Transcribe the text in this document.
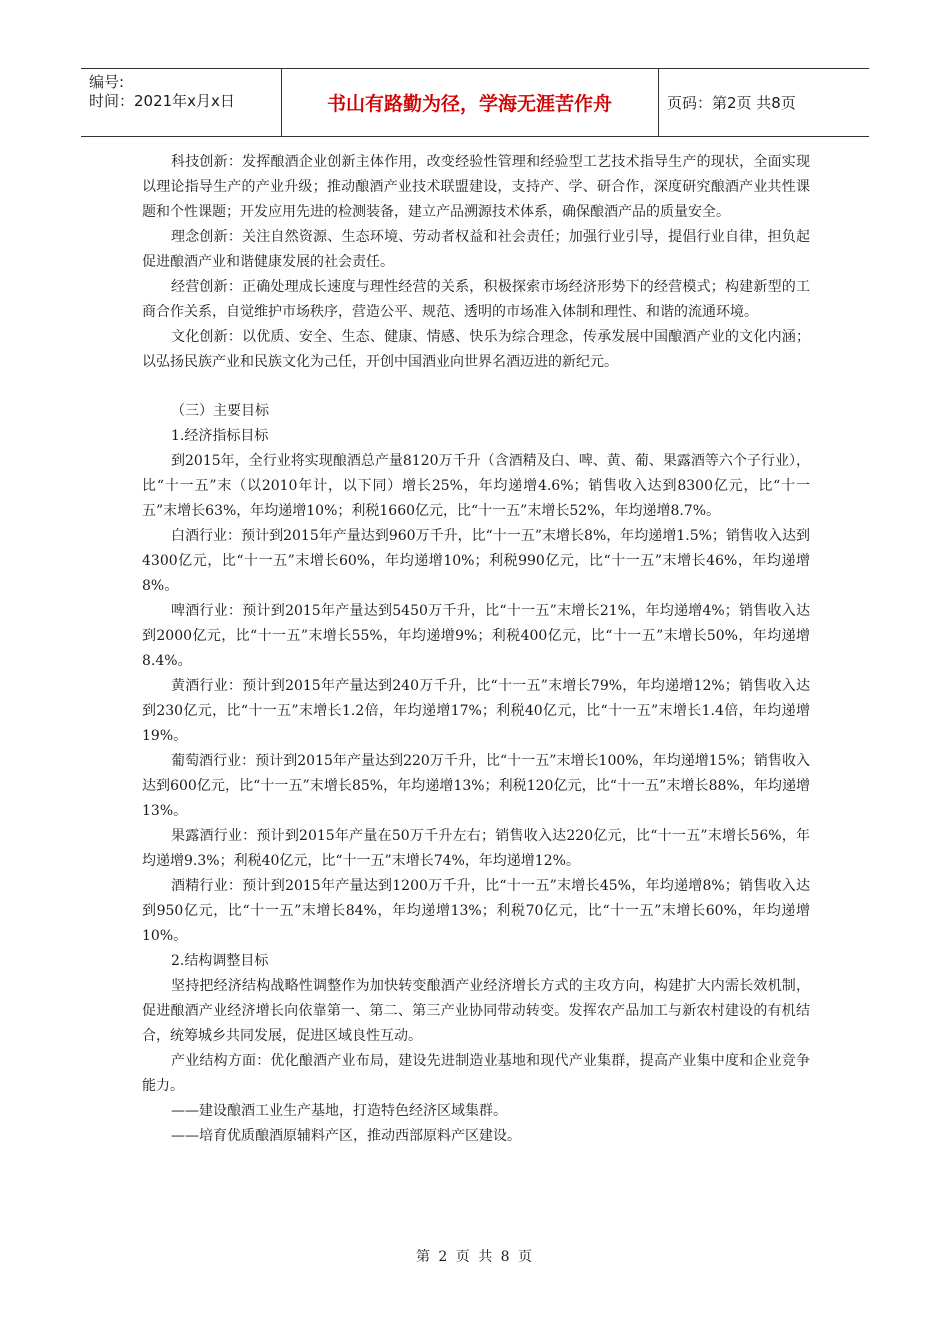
编号:
时间：2021年x月x日	书山有路勤为径，学海无涯苦作舟	页码：第2页 共8页

科技创新：发挥酿酒企业创新主体作用，改变经验性管理和经验型工艺技术指导生产的现状，全面实现以理论指导生产的产业升级；推动酿酒产业技术联盟建设，支持产、学、研合作，深度研究酿酒产业共性课题和个性课题；开发应用先进的检测装备，建立产品溯源技术体系，确保酿酒产品的质量安全。

理念创新：关注自然资源、生态环境、劳动者权益和社会责任；加强行业引导，提倡行业自律，担负起促进酿酒产业和谐健康发展的社会责任。

经营创新：正确处理成长速度与理性经营的关系，积极探索市场经济形势下的经营模式；构建新型的工商合作关系，自觉维护市场秩序，营造公平、规范、透明的市场准入体制和理性、和谐的流通环境。

文化创新：以优质、安全、生态、健康、情感、快乐为综合理念，传承发展中国酿酒产业的文化内涵；以弘扬民族产业和民族文化为己任，开创中国酒业向世界名酒迈进的新纪元。

（三）主要目标

1.经济指标目标

到2015年，全行业将实现酿酒总产量8120万千升（含酒精及白、啤、黄、葡、果露酒等六个子行业），比“十一五”末（以2010年计，以下同）增长25%，年均递增4.6%；销售收入达到8300亿元，比“十一五”末增长63%，年均递增10%；利税1660亿元，比“十一五”末增长52%，年均递增8.7%。

白酒行业：预计到2015年产量达到960万千升，比“十一五”末增长8%，年均递增1.5%；销售收入达到4300亿元，比“十一五”末增长60%，年均递增10%；利税990亿元，比“十一五”末增长46%，年均递增8%。

啤酒行业：预计到2015年产量达到5450万千升，比“十一五”末增长21%，年均递增4%；销售收入达到2000亿元，比“十一五”末增长55%，年均递增9%；利税400亿元，比“十一五”末增长50%，年均递增8.4%。

黄酒行业：预计到2015年产量达到240万千升，比“十一五”末增长79%，年均递增12%；销售收入达到230亿元，比“十一五”末增长1.2倍，年均递增17%；利税40亿元，比“十一五”末增长1.4倍，年均递增19%。

葡萄酒行业：预计到2015年产量达到220万千升，比“十一五”末增长100%，年均递增15%；销售收入达到600亿元，比“十一五”末增长85%，年均递增13%；利税120亿元，比“十一五”末增长88%，年均递增13%。

果露酒行业：预计到2015年产量在50万千升左右；销售收入达220亿元，比“十一五”末增长56%，年均递增9.3%；利税40亿元，比“十一五”末增长74%，年均递增12%。

酒精行业：预计到2015年产量达到1200万千升，比“十一五”末增长45%，年均递增8%；销售收入达到950亿元，比“十一五”末增长84%，年均递增13%；利税70亿元，比“十一五”末增长60%，年均递增10%。

2.结构调整目标

坚持把经济结构战略性调整作为加快转变酿酒产业经济增长方式的主攻方向，构建扩大内需长效机制，促进酿酒产业经济增长向依靠第一、第二、第三产业协同带动转变。发挥农产品加工与新农村建设的有机结合，统筹城乡共同发展，促进区域良性互动。

产业结构方面：优化酿酒产业布局，建设先进制造业基地和现代产业集群，提高产业集中度和企业竞争能力。

——建设酿酒工业生产基地，打造特色经济区域集群。

——培育优质酿酒原辅料产区，推动西部原料产区建设。

第 2 页 共 8 页
